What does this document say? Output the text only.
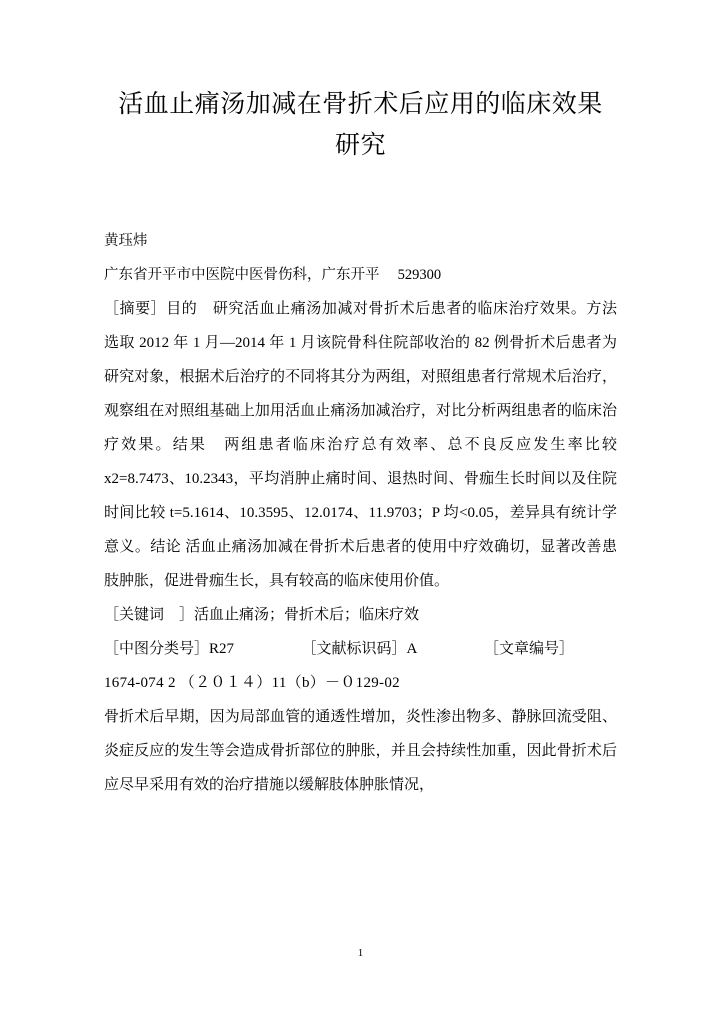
活血止痛汤加减在骨折术后应用的临床效果研究

黄珏炜

广东省开平市中医院中医骨伤科，广东开平　 529300

［摘要］目的　研究活血止痛汤加减对骨折术后患者的临床治疗效果。方法 选取 2012 年 1 月—2014 年 1 月该院骨科住院部收治的 82 例骨折术后患者为研究对象，根据术后治疗的不同将其分为两组，对照组患者行常规术后治疗，观察组在对照组基础上加用活血止痛汤加减治疗，对比分析两组患者的临床治疗效果。结果　两组患者临床治疗总有效率、总不良反应发生率比较 x2=8.7473、10.2343，平均消肿止痛时间、退热时间、骨痂生长时间以及住院时间比较 t=5.1614、10.3595、12.0174、11.9703；P 均<0.05，差异具有统计学意义。结论 活血止痛汤加减在骨折术后患者的使用中疗效确切，显著改善患肢肿胀，促进骨痂生长，具有较高的临床使用价值。

［关键词　］活血止痛汤；骨折术后；临床疗效

［中图分类号］R27　　　　　［文献标识码］A　　　　　［文章编号］

1674-074 2 （２０１４）11（b）－０129-02

骨折术后早期，因为局部血管的通透性增加，炎性渗出物多、静脉回流受阻、炎症反应的发生等会造成骨折部位的肿胀，并且会持续性加重，因此骨折术后应尽早采用有效的治疗措施以缓解肢体肿胀情况，

1
